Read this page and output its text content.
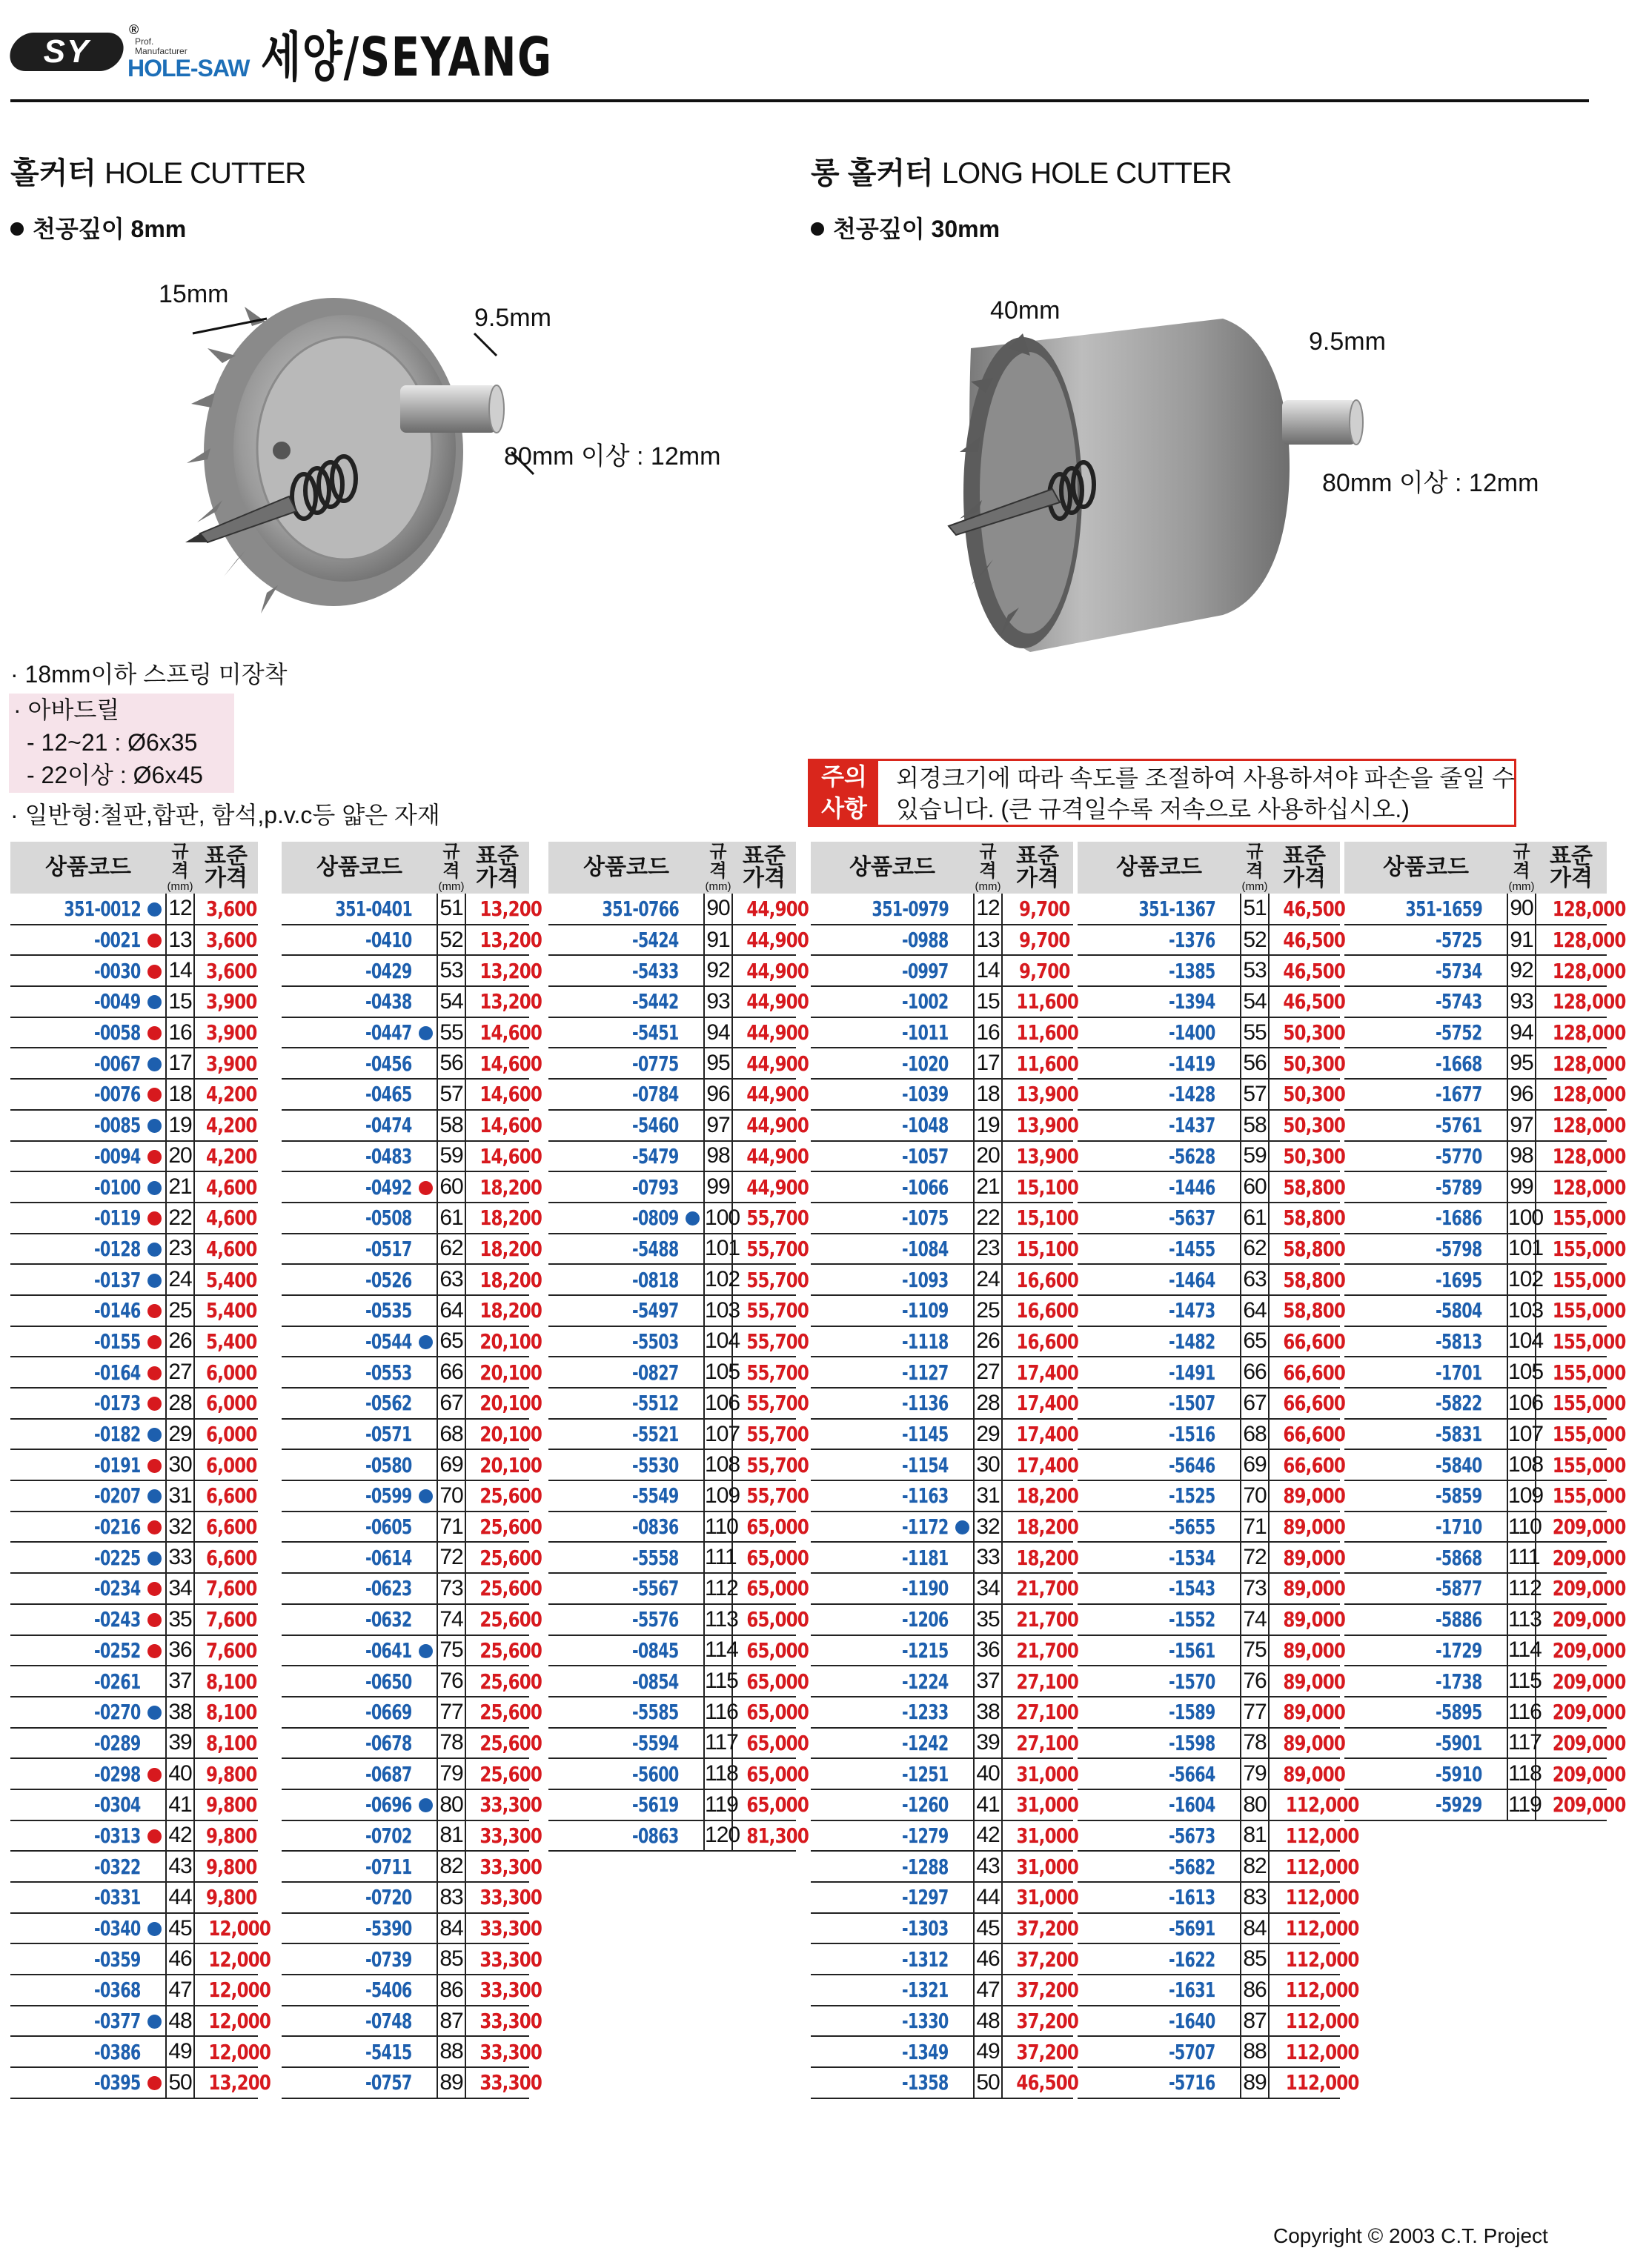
SY
®
Prof.
Manufacturer
HOLE-SAW 세양/SEYANG
홀커터 HOLE CUTTER
천공깊이 8mm
롱 홀커터 LONG HOLE CUTTER
천공깊이 30mm
15mm
9.5mm
80mm 이상 : 12mm
40mm
9.5mm
80mm 이상 : 12mm
· 18mm이하 스프링 미장착
· 아바드릴
- 12~21 : Ø6x35
- 22이상 : Ø6x45
· 일반형:철판,합판, 함석,p.v.c등 얇은 자재
주의
사항
외경크기에 따라 속도를 조절하여 사용하셔야 파손을 줄일 수
있습니다. (큰 규격일수록 저속으로 사용하십시오.)
상품코드		규격
(mm)	표준
가격

351-0012		12	3,600
-0021		13	3,600
-0030		14	3,600
-0049		15	3,900
-0058		16	3,900
-0067		17	3,900
-0076		18	4,200
-0085		19	4,200
-0094		20	4,200
-0100		21	4,600
-0119		22	4,600
-0128		23	4,600
-0137		24	5,400
-0146		25	5,400
-0155		26	5,400
-0164		27	6,000
-0173		28	6,000
-0182		29	6,000
-0191		30	6,000
-0207		31	6,600
-0216		32	6,600
-0225		33	6,600
-0234		34	7,600
-0243		35	7,600
-0252		36	7,600
-0261		37	8,100
-0270		38	8,100
-0289		39	8,100
-0298		40	9,800
-0304		41	9,800
-0313		42	9,800
-0322		43	9,800
-0331		44	9,800
-0340		45	12,000
-0359		46	12,000
-0368		47	12,000
-0377		48	12,000
-0386		49	12,000
-0395		50	13,200
상품코드		규격
(mm)	표준
가격

351-0401		51	13,200
-0410		52	13,200
-0429		53	13,200
-0438		54	13,200
-0447		55	14,600
-0456		56	14,600
-0465		57	14,600
-0474		58	14,600
-0483		59	14,600
-0492		60	18,200
-0508		61	18,200
-0517		62	18,200
-0526		63	18,200
-0535		64	18,200
-0544		65	20,100
-0553		66	20,100
-0562		67	20,100
-0571		68	20,100
-0580		69	20,100
-0599		70	25,600
-0605		71	25,600
-0614		72	25,600
-0623		73	25,600
-0632		74	25,600
-0641		75	25,600
-0650		76	25,600
-0669		77	25,600
-0678		78	25,600
-0687		79	25,600
-0696		80	33,300
-0702		81	33,300
-0711		82	33,300
-0720		83	33,300
-5390		84	33,300
-0739		85	33,300
-5406		86	33,300
-0748		87	33,300
-5415		88	33,300
-0757		89	33,300
상품코드		규격
(mm)	표준
가격

351-0766		90	44,900
-5424		91	44,900
-5433		92	44,900
-5442		93	44,900
-5451		94	44,900
-0775		95	44,900
-0784		96	44,900
-5460		97	44,900
-5479		98	44,900
-0793		99	44,900
-0809		100	55,700
-5488		101	55,700
-0818		102	55,700
-5497		103	55,700
-5503		104	55,700
-0827		105	55,700
-5512		106	55,700
-5521		107	55,700
-5530		108	55,700
-5549		109	55,700
-0836		110	65,000
-5558		111	65,000
-5567		112	65,000
-5576		113	65,000
-0845		114	65,000
-0854		115	65,000
-5585		116	65,000
-5594		117	65,000
-5600		118	65,000
-5619		119	65,000
-0863		120	81,300
상품코드		규격
(mm)	표준
가격

351-0979		12	9,700
-0988		13	9,700
-0997		14	9,700
-1002		15	11,600
-1011		16	11,600
-1020		17	11,600
-1039		18	13,900
-1048		19	13,900
-1057		20	13,900
-1066		21	15,100
-1075		22	15,100
-1084		23	15,100
-1093		24	16,600
-1109		25	16,600
-1118		26	16,600
-1127		27	17,400
-1136		28	17,400
-1145		29	17,400
-1154		30	17,400
-1163		31	18,200
-1172		32	18,200
-1181		33	18,200
-1190		34	21,700
-1206		35	21,700
-1215		36	21,700
-1224		37	27,100
-1233		38	27,100
-1242		39	27,100
-1251		40	31,000
-1260		41	31,000
-1279		42	31,000
-1288		43	31,000
-1297		44	31,000
-1303		45	37,200
-1312		46	37,200
-1321		47	37,200
-1330		48	37,200
-1349		49	37,200
-1358		50	46,500
상품코드		규격
(mm)	표준
가격

351-1367		51	46,500
-1376		52	46,500
-1385		53	46,500
-1394		54	46,500
-1400		55	50,300
-1419		56	50,300
-1428		57	50,300
-1437		58	50,300
-5628		59	50,300
-1446		60	58,800
-5637		61	58,800
-1455		62	58,800
-1464		63	58,800
-1473		64	58,800
-1482		65	66,600
-1491		66	66,600
-1507		67	66,600
-1516		68	66,600
-5646		69	66,600
-1525		70	89,000
-5655		71	89,000
-1534		72	89,000
-1543		73	89,000
-1552		74	89,000
-1561		75	89,000
-1570		76	89,000
-1589		77	89,000
-1598		78	89,000
-5664		79	89,000
-1604		80	112,000
-5673		81	112,000
-5682		82	112,000
-1613		83	112,000
-5691		84	112,000
-1622		85	112,000
-1631		86	112,000
-1640		87	112,000
-5707		88	112,000
-5716		89	112,000
상품코드		규격
(mm)	표준
가격

351-1659		90	128,000
-5725		91	128,000
-5734		92	128,000
-5743		93	128,000
-5752		94	128,000
-1668		95	128,000
-1677		96	128,000
-5761		97	128,000
-5770		98	128,000
-5789		99	128,000
-1686		100	155,000
-5798		101	155,000
-1695		102	155,000
-5804		103	155,000
-5813		104	155,000
-1701		105	155,000
-5822		106	155,000
-5831		107	155,000
-5840		108	155,000
-5859		109	155,000
-1710		110	209,000
-5868		111	209,000
-5877		112	209,000
-5886		113	209,000
-1729		114	209,000
-1738		115	209,000
-5895		116	209,000
-5901		117	209,000
-5910		118	209,000
-5929		119	209,000
Copyright © 2003 C.T. Project
